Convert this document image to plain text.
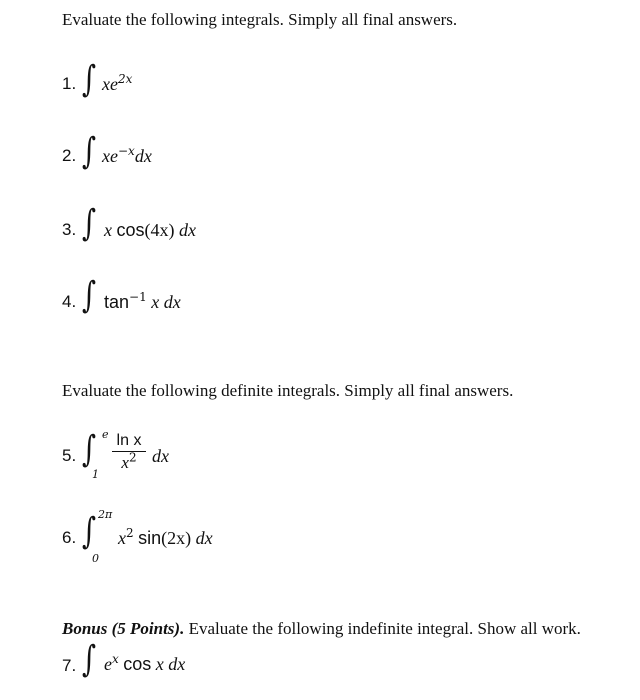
Evaluate the following integrals. Simply all final answers.
1. ∫ $xe^{2x}$
2. ∫ $xe^{-x}dx$
3. ∫ x cos(4x) dx
4. ∫ $\tan^{-1} x$ dx
Evaluate the following definite integrals. Simply all final answers.
5. ∫ e
1
ln x
$x^2$ dx
6. ∫ 2π
0
$x^2$ sin(2x) dx
Bonus (5 Points). Evaluate the following indefinite integral. Show all work.
7. ∫ $e^x$ cos x dx
